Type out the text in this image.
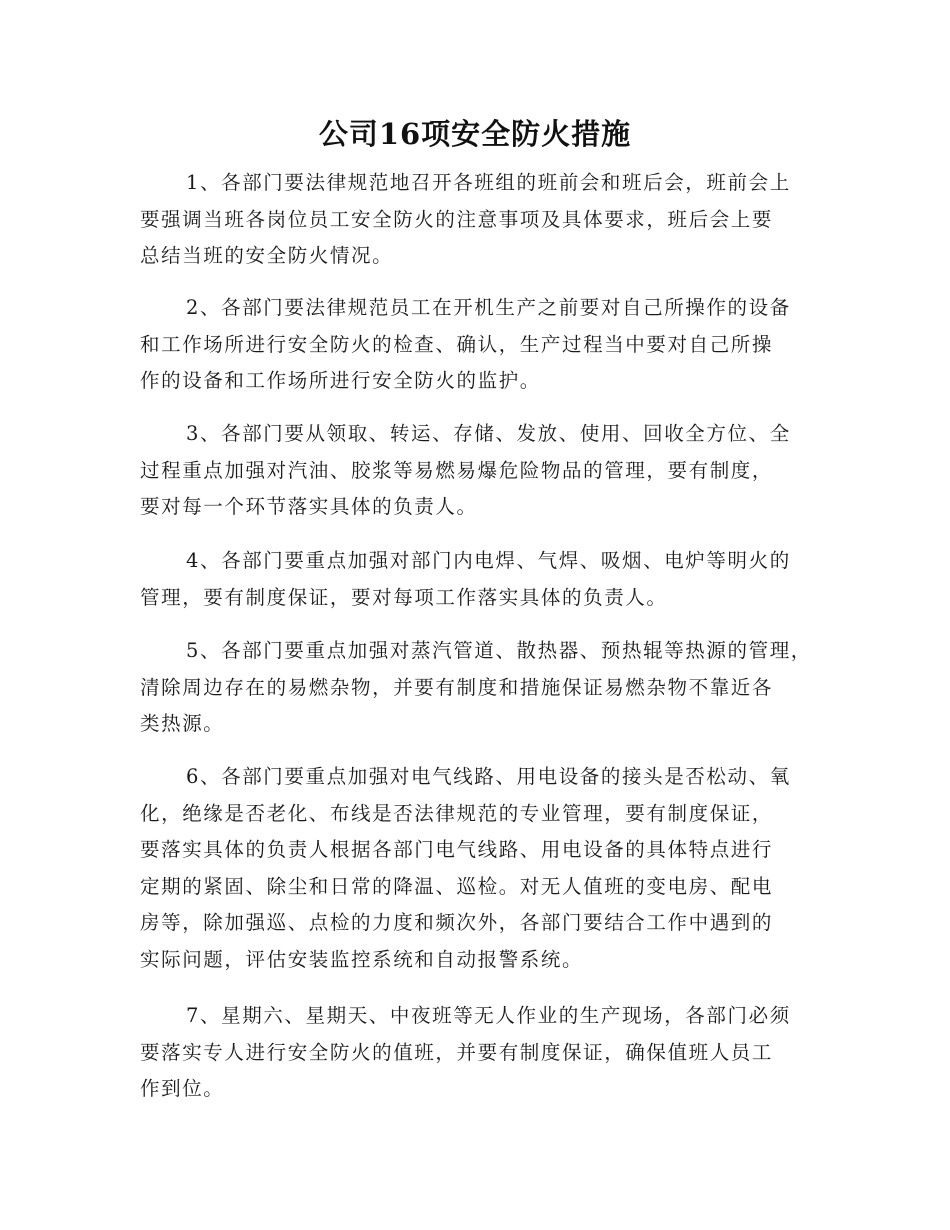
公司16项安全防火措施

1、各部门要法律规范地召开各班组的班前会和班后会，班前会上
要强调当班各岗位员工安全防火的注意事项及具体要求，班后会上要
总结当班的安全防火情况。

2、各部门要法律规范员工在开机生产之前要对自己所操作的设备
和工作场所进行安全防火的检查、确认，生产过程当中要对自己所操
作的设备和工作场所进行安全防火的监护。

3、各部门要从领取、转运、存储、发放、使用、回收全方位、全
过程重点加强对汽油、胶浆等易燃易爆危险物品的管理，要有制度，
要对每一个环节落实具体的负责人。

4、各部门要重点加强对部门内电焊、气焊、吸烟、电炉等明火的
管理，要有制度保证，要对每项工作落实具体的负责人。

5、各部门要重点加强对蒸汽管道、散热器、预热辊等热源的管理，
清除周边存在的易燃杂物，并要有制度和措施保证易燃杂物不靠近各
类热源。

6、各部门要重点加强对电气线路、用电设备的接头是否松动、氧
化，绝缘是否老化、布线是否法律规范的专业管理，要有制度保证，
要落实具体的负责人根据各部门电气线路、用电设备的具体特点进行
定期的紧固、除尘和日常的降温、巡检。对无人值班的变电房、配电
房等，除加强巡、点检的力度和频次外，各部门要结合工作中遇到的
实际问题，评估安装监控系统和自动报警系统。

7、星期六、星期天、中夜班等无人作业的生产现场，各部门必须
要落实专人进行安全防火的值班，并要有制度保证，确保值班人员工
作到位。
